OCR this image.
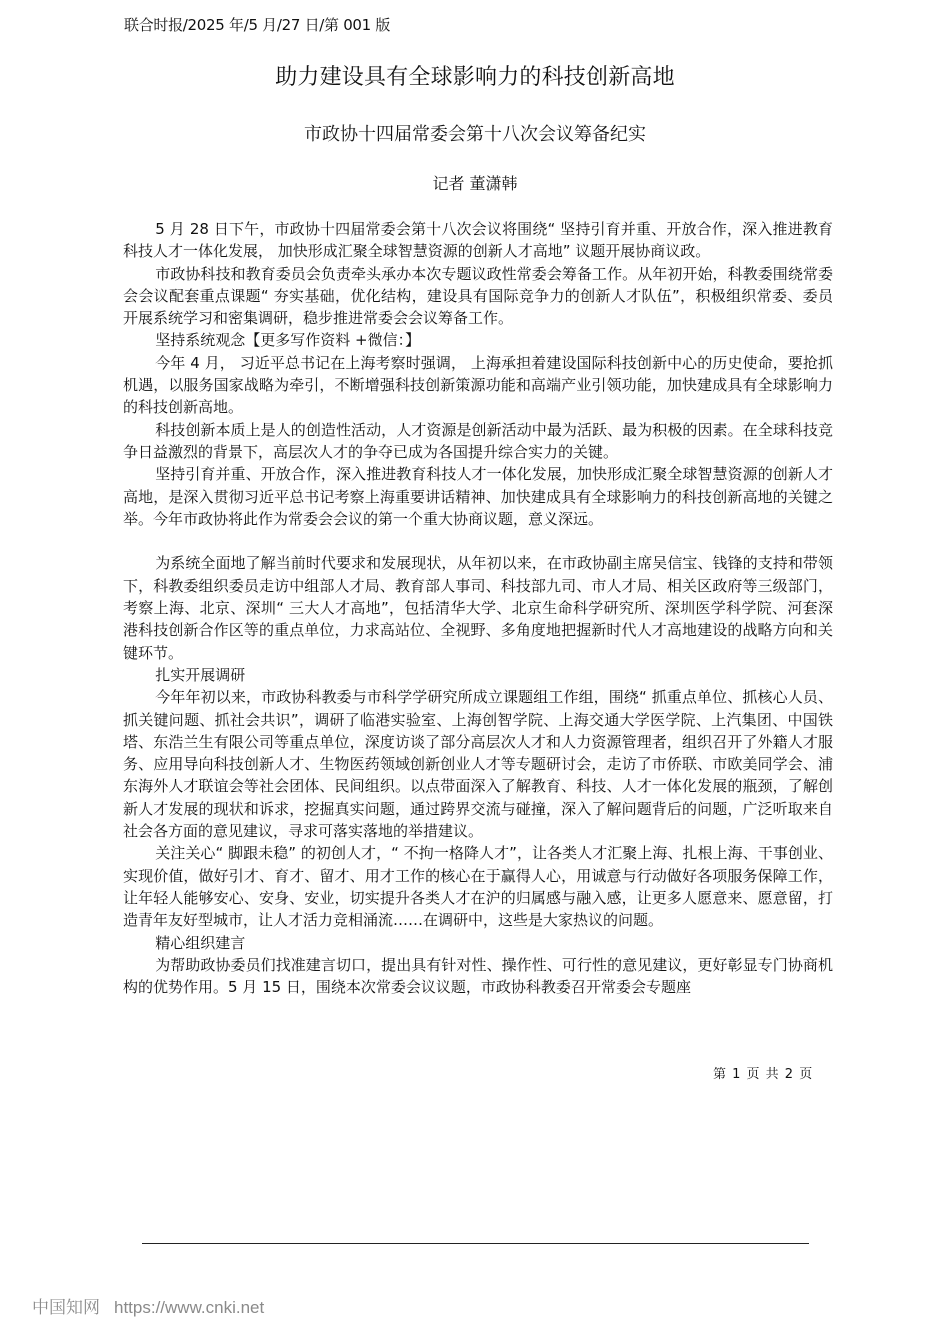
联合时报/2025 年/5 月/27 日/第 001 版
助力建设具有全球影响力的科技创新高地
市政协十四届常委会第十八次会议筹备纪实
记者 董潇韩

5 月 28 日下午，市政协十四届常委会第十八次会议将围绕“ 坚持引育并重、开放合作，深入推进教育科技人才一体化发展， 加快形成汇聚全球智慧资源的创新人才高地” 议题开展协商议政。

市政协科技和教育委员会负责牵头承办本次专题议政性常委会筹备工作。从年初开始，科教委围绕常委会会议配套重点课题“ 夯实基础，优化结构，建设具有国际竞争力的创新人才队伍”，积极组织常委、委员开展系统学习和密集调研，稳步推进常委会会议筹备工作。

坚持系统观念【更多写作资料 +微信：】

今年 4 月， 习近平总书记在上海考察时强调， 上海承担着建设国际科技创新中心的历史使命，要抢抓机遇，以服务国家战略为牵引，不断增强科技创新策源功能和高端产业引领功能，加快建成具有全球影响力的科技创新高地。

科技创新本质上是人的创造性活动，人才资源是创新活动中最为活跃、最为积极的因素。在全球科技竞争日益激烈的背景下，高层次人才的争夺已成为各国提升综合实力的关键。

坚持引育并重、开放合作，深入推进教育科技人才一体化发展，加快形成汇聚全球智慧资源的创新人才高地，是深入贯彻习近平总书记考察上海重要讲话精神、加快建成具有全球影响力的科技创新高地的关键之举。今年市政协将此作为常委会会议的第一个重大协商议题，意义深远。

为系统全面地了解当前时代要求和发展现状，从年初以来，在市政协副主席吴信宝、钱锋的支持和带领下，科教委组织委员走访中组部人才局、教育部人事司、科技部九司、市人才局、相关区政府等三级部门，考察上海、北京、深圳“ 三大人才高地”，包括清华大学、北京生命科学研究所、深圳医学科学院、河套深港科技创新合作区等的重点单位，力求高站位、全视野、多角度地把握新时代人才高地建设的战略方向和关键环节。

扎实开展调研

今年年初以来，市政协科教委与市科学学研究所成立课题组工作组，围绕“ 抓重点单位、抓核心人员、抓关键问题、抓社会共识”，调研了临港实验室、上海创智学院、上海交通大学医学院、上汽集团、中国铁塔、东浩兰生有限公司等重点单位，深度访谈了部分高层次人才和人力资源管理者，组织召开了外籍人才服务、应用导向科技创新人才、生物医药领域创新创业人才等专题研讨会，走访了市侨联、市欧美同学会、浦东海外人才联谊会等社会团体、民间组织。以点带面深入了解教育、科技、人才一体化发展的瓶颈，了解创新人才发展的现状和诉求，挖掘真实问题，通过跨界交流与碰撞，深入了解问题背后的问题，广泛听取来自社会各方面的意见建议，寻求可落实落地的举措建议。

关注关心“ 脚跟未稳” 的初创人才，“ 不拘一格降人才”，让各类人才汇聚上海、扎根上海、干事创业、实现价值，做好引才、育才、留才、用才工作的核心在于赢得人心，用诚意与行动做好各项服务保障工作，让年轻人能够安心、安身、安业，切实提升各类人才在沪的归属感与融入感，让更多人愿意来、愿意留，打造青年友好型城市，让人才活力竞相涌流……在调研中，这些是大家热议的问题。

精心组织建言

为帮助政协委员们找准建言切口，提出具有针对性、操作性、可行性的意见建议，更好彰显专门协商机构的优势作用。5 月 15 日，围绕本次常委会议议题，市政协科教委召开常委会专题座

第 1 页 共 2 页
中国知网 https://www.cnki.net
